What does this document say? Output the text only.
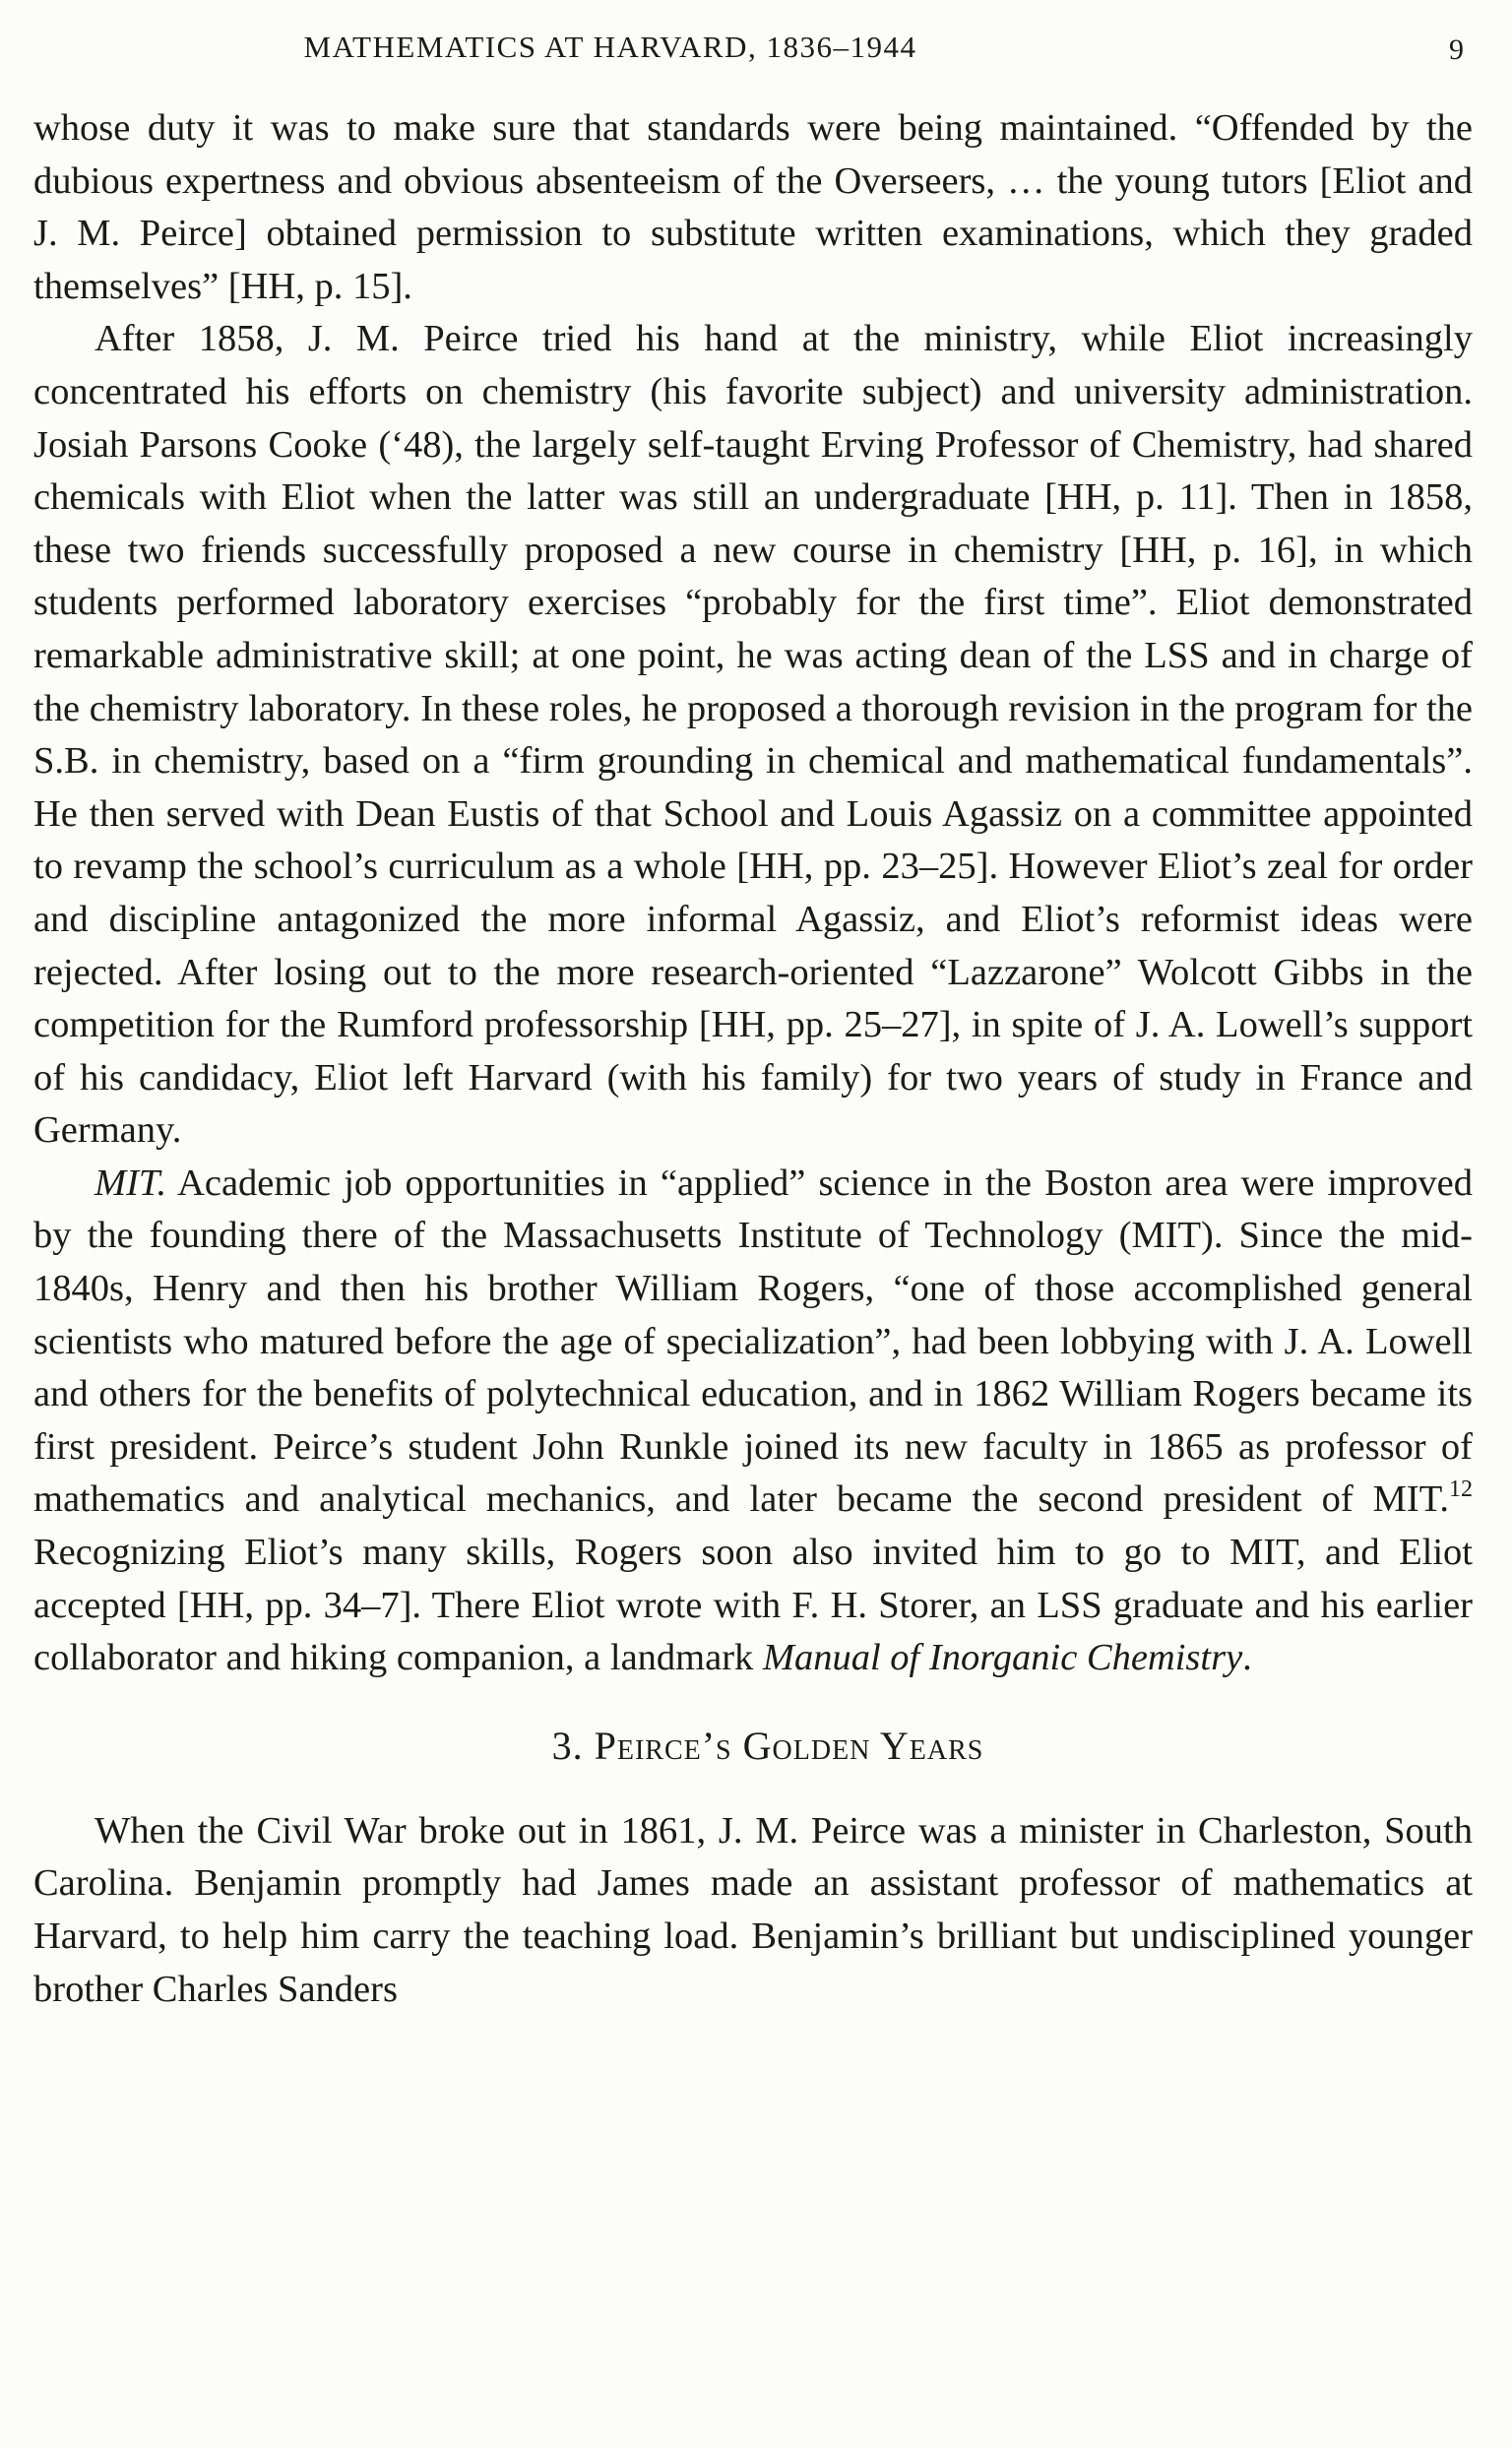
MATHEMATICS AT HARVARD, 1836–1944	9

whose duty it was to make sure that standards were being maintained. “Offended by the dubious expertness and obvious absenteeism of the Overseers, … the young tutors [Eliot and J. M. Peirce] obtained permission to substitute written examinations, which they graded themselves” [HH, p. 15].

After 1858, J. M. Peirce tried his hand at the ministry, while Eliot increasingly concentrated his efforts on chemistry (his favorite subject) and university administration. Josiah Parsons Cooke (‘48), the largely self-taught Erving Professor of Chemistry, had shared chemicals with Eliot when the latter was still an undergraduate [HH, p. 11]. Then in 1858, these two friends successfully proposed a new course in chemistry [HH, p. 16], in which students performed laboratory exercises “probably for the first time”. Eliot demonstrated remarkable administrative skill; at one point, he was acting dean of the LSS and in charge of the chemistry laboratory. In these roles, he proposed a thorough revision in the program for the S.B. in chemistry, based on a “firm grounding in chemical and mathematical fundamentals”. He then served with Dean Eustis of that School and Louis Agassiz on a committee appointed to revamp the school’s curriculum as a whole [HH, pp. 23–25]. However Eliot’s zeal for order and discipline antagonized the more informal Agassiz, and Eliot’s reformist ideas were rejected. After losing out to the more research-oriented “Lazzarone” Wolcott Gibbs in the competition for the Rumford professorship [HH, pp. 25–27], in spite of J. A. Lowell’s support of his candidacy, Eliot left Harvard (with his family) for two years of study in France and Germany.

MIT. Academic job opportunities in “applied” science in the Boston area were improved by the founding there of the Massachusetts Institute of Technology (MIT). Since the mid-1840s, Henry and then his brother William Rogers, “one of those accomplished general scientists who matured before the age of specialization”, had been lobbying with J. A. Lowell and others for the benefits of polytechnical education, and in 1862 William Rogers became its first president. Peirce’s student John Runkle joined its new faculty in 1865 as professor of mathematics and analytical mechanics, and later became the second president of MIT.$^{12}$ Recognizing Eliot’s many skills, Rogers soon also invited him to go to MIT, and Eliot accepted [HH, pp. 34–7]. There Eliot wrote with F. H. Storer, an LSS graduate and his earlier collaborator and hiking companion, a landmark Manual of Inorganic Chemistry.

3. Peirce’s Golden Years

When the Civil War broke out in 1861, J. M. Peirce was a minister in Charleston, South Carolina. Benjamin promptly had James made an assistant professor of mathematics at Harvard, to help him carry the teaching load. Benjamin’s brilliant but undisciplined younger brother Charles Sanders
